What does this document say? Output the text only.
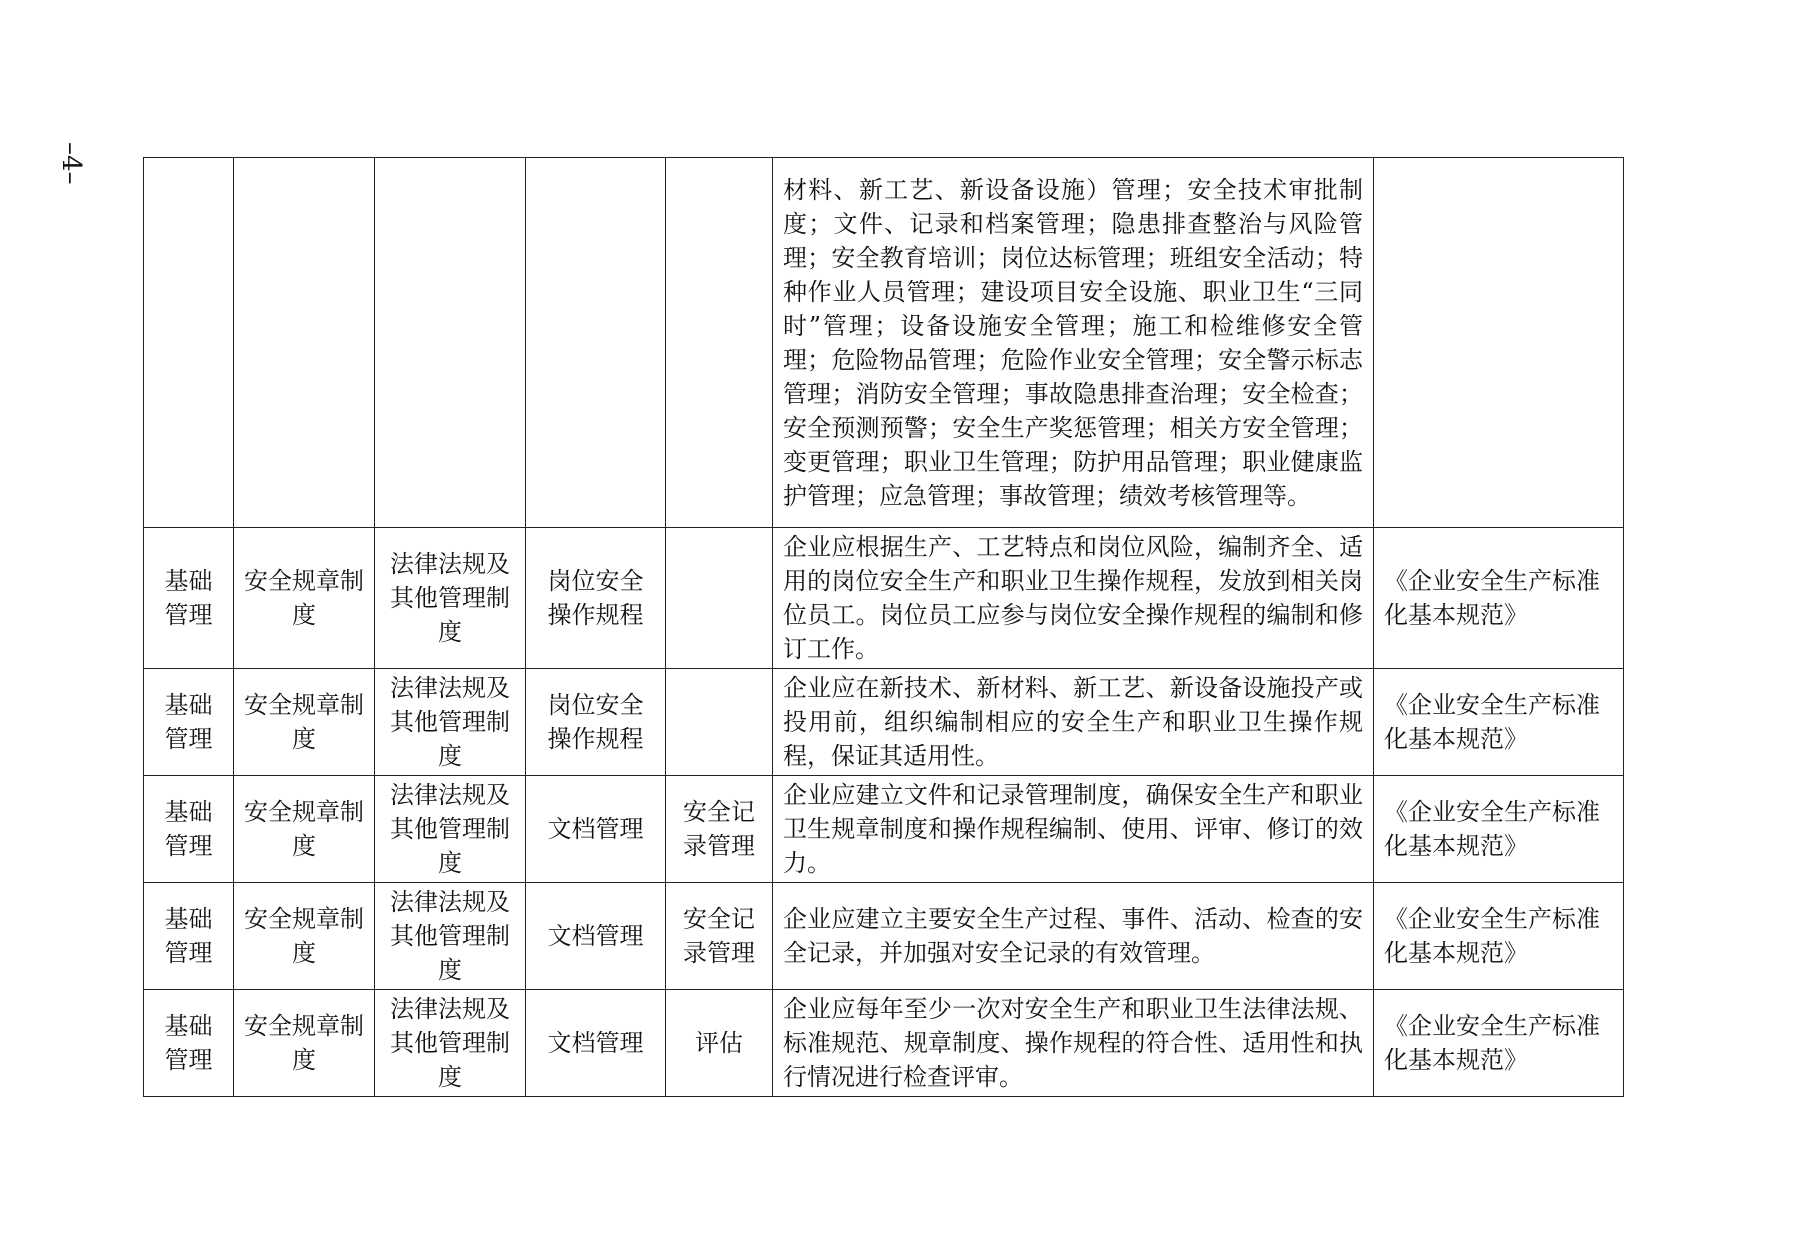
–4–
					材料、新工艺、新设备设施）管理；安全技术审批制度；文件、记录和档案管理；隐患排查整治与风险管理；安全教育培训；岗位达标管理；班组安全活动；特种作业人员管理；建设项目安全设施、职业卫生“三同时”管理；设备设施安全管理；施工和检维修安全管理；危险物品管理；危险作业安全管理；安全警示标志管理；消防安全管理；事故隐患排查治理；安全检查；安全预测预警；安全生产奖惩管理；相关方安全管理；变更管理；职业卫生管理；防护用品管理；职业健康监护管理；应急管理；事故管理；绩效考核管理等。	
基础管理	安全规章制度	法律法规及其他管理制度	岗位安全操作规程		企业应根据生产、工艺特点和岗位风险，编制齐全、适用的岗位安全生产和职业卫生操作规程，发放到相关岗位员工。岗位员工应参与岗位安全操作规程的编制和修订工作。	《企业安全生产标准化基本规范》
基础管理	安全规章制度	法律法规及其他管理制度	岗位安全操作规程		企业应在新技术、新材料、新工艺、新设备设施投产或投用前，组织编制相应的安全生产和职业卫生操作规程，保证其适用性。	《企业安全生产标准化基本规范》
基础管理	安全规章制度	法律法规及其他管理制度	文档管理	安全记录管理	企业应建立文件和记录管理制度，确保安全生产和职业卫生规章制度和操作规程编制、使用、评审、修订的效力。	《企业安全生产标准化基本规范》
基础管理	安全规章制度	法律法规及其他管理制度	文档管理	安全记录管理	企业应建立主要安全生产过程、事件、活动、检查的安全记录，并加强对安全记录的有效管理。	《企业安全生产标准化基本规范》
基础管理	安全规章制度	法律法规及其他管理制度	文档管理	评估	企业应每年至少一次对安全生产和职业卫生法律法规、标准规范、规章制度、操作规程的符合性、适用性和执行情况进行检查评审。	《企业安全生产标准化基本规范》
